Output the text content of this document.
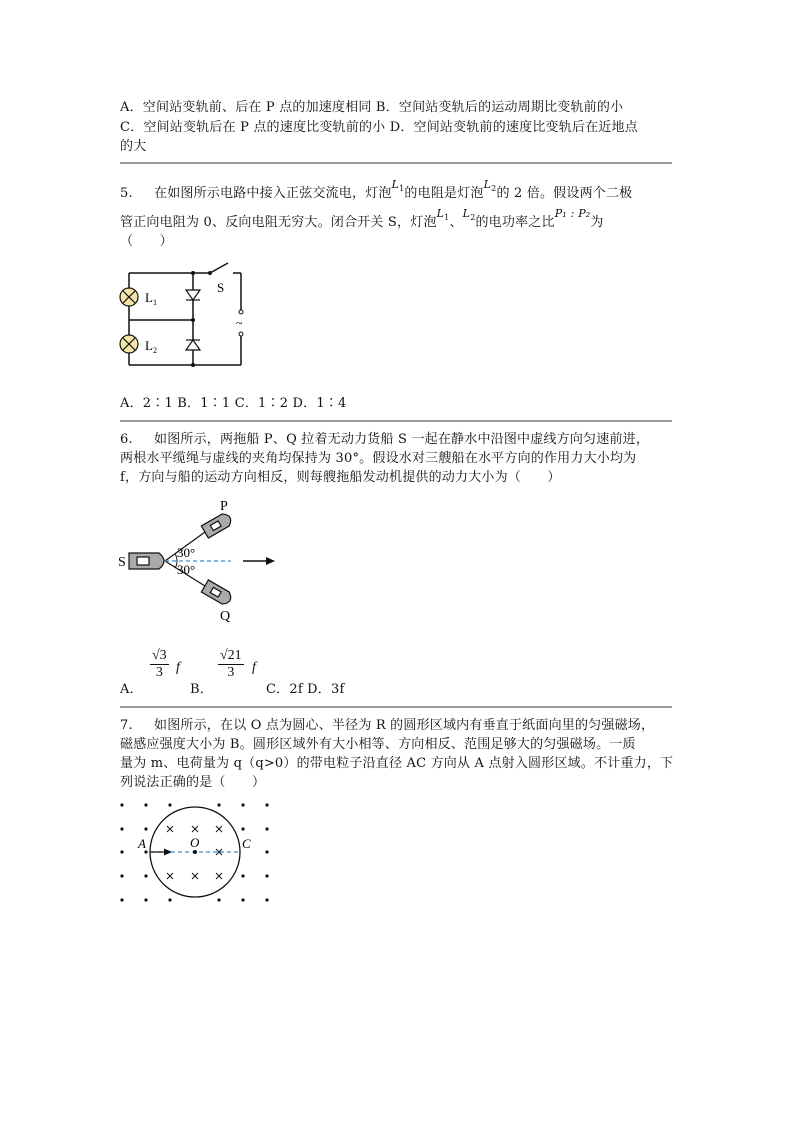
A．空间站变轨前、后在 P 点的加速度相同 B．空间站变轨后的运动周期比变轨前的小
C．空间站变轨后在 P 点的速度比变轨前的小 D．空间站变轨前的速度比变轨后在近地点
的大
5. 在如图所示电路中接入正弦交流电，灯泡$^{L_1}$的电阻是灯泡$^{L_2}$的 2 倍。假设两个二极
管正向电阻为 0、反向电阻无穷大。闭合开关 S，灯泡$^{L_1}$、$^{L_2}$的电功率之比$^{P_1 : P_2}$为
（　　）
$L_1$
$L_2$
S
~
A．2∶1 B．1∶1 C．1∶2 D．1∶4
6. 如图所示，两拖船 P、Q 拉着无动力货船 S 一起在静水中沿图中虚线方向匀速前进，
两根水平缆绳与虚线的夹角均保持为 30°。假设水对三艘船在水平方向的作用力大小均为
f，方向与船的运动方向相反，则每艘拖船发动机提供的动力大小为（　　）
30°
30°
P
Q
S
A．
$\frac{√3}{3}$ f
B．
$\frac{√21}{3}$ f
C．2f D．3f
7. 如图所示，在以 O 点为圆心、半径为 R 的圆形区域内有垂直于纸面向里的匀强磁场，
磁感应强度大小为 B。圆形区域外有大小相等、方向相反、范围足够大的匀强磁场。一质
量为 m、电荷量为 q（q>0）的带电粒子沿直径 AC 方向从 A 点射入圆形区域。不计重力，下
列说法正确的是（　　）
A	O	C
